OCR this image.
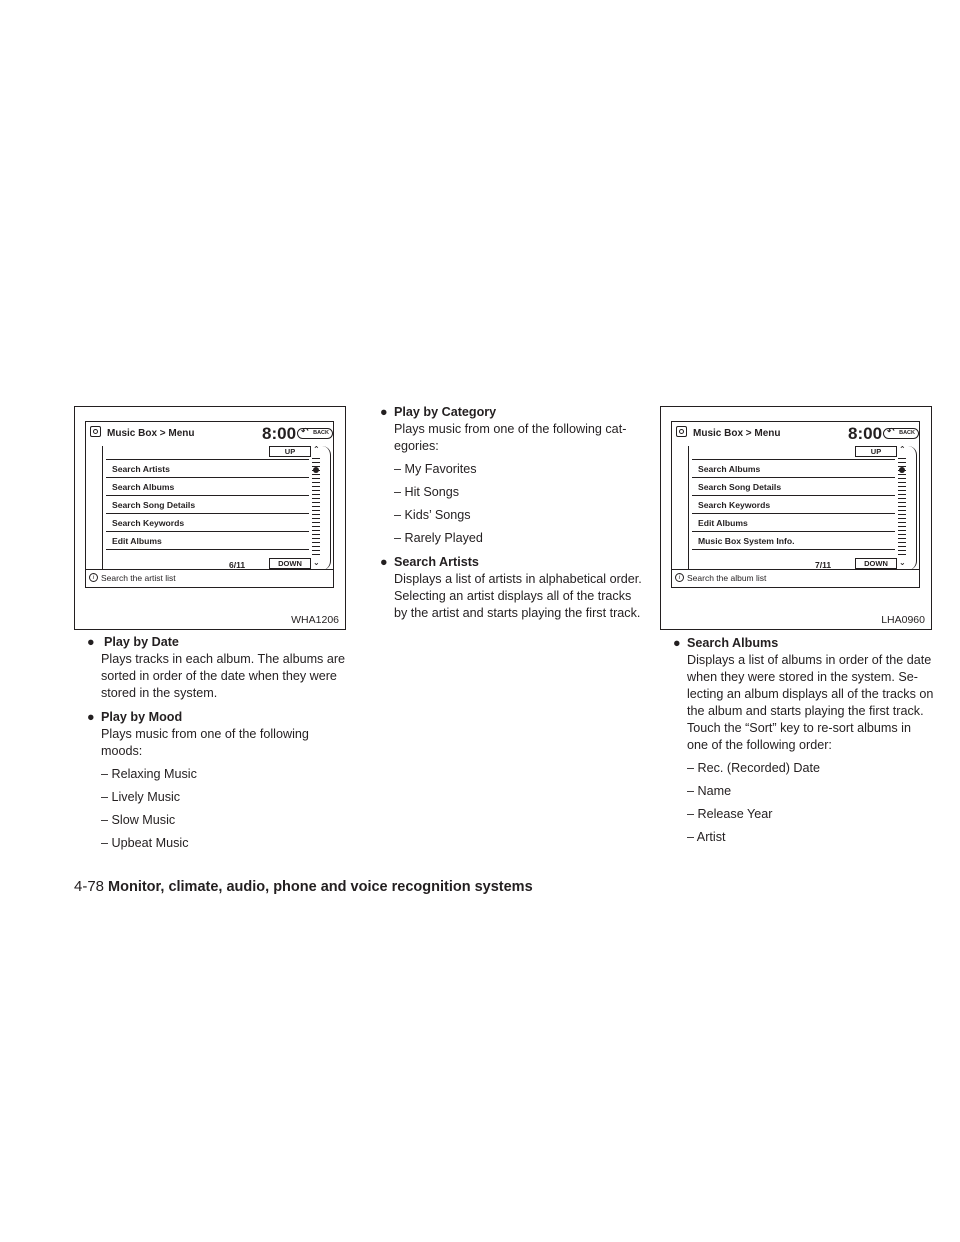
Music Box > Menu	8:00	↶ BACK
UP	⌃
Search Artists
Search Albums
Search Song Details
Search Keywords
Edit Albums
6/11	DOWN	⌄
i Search the artist list
WHA1206
Music Box > Menu	8:00	↶ BACK
UP	⌃
Search Albums
Search Song Details
Search Keywords
Edit Albums
Music Box System Info.
7/11	DOWN	⌄
i Search the album list
LHA0960
● Play by Date
Plays tracks in each album. The albums are sorted in order of the date when they were stored in the system.
● Play by Mood
Plays music from one of the following moods:
– Relaxing Music
– Lively Music
– Slow Music
– Upbeat Music
● Play by Category
Plays music from one of the following cat-egories:
– My Favorites
– Hit Songs
– Kids’ Songs
– Rarely Played
● Search Artists
Displays a list of artists in alphabetical order. Selecting an artist displays all of the tracks by the artist and starts playing the first track.
● Search Albums
Displays a list of albums in order of the date when they were stored in the system. Se-lecting an album displays all of the tracks on the album and starts playing the first track.
Touch the “Sort” key to re-sort albums in one of the following order:
– Rec. (Recorded) Date
– Name
– Release Year
– Artist
4-78 Monitor, climate, audio, phone and voice recognition systems
